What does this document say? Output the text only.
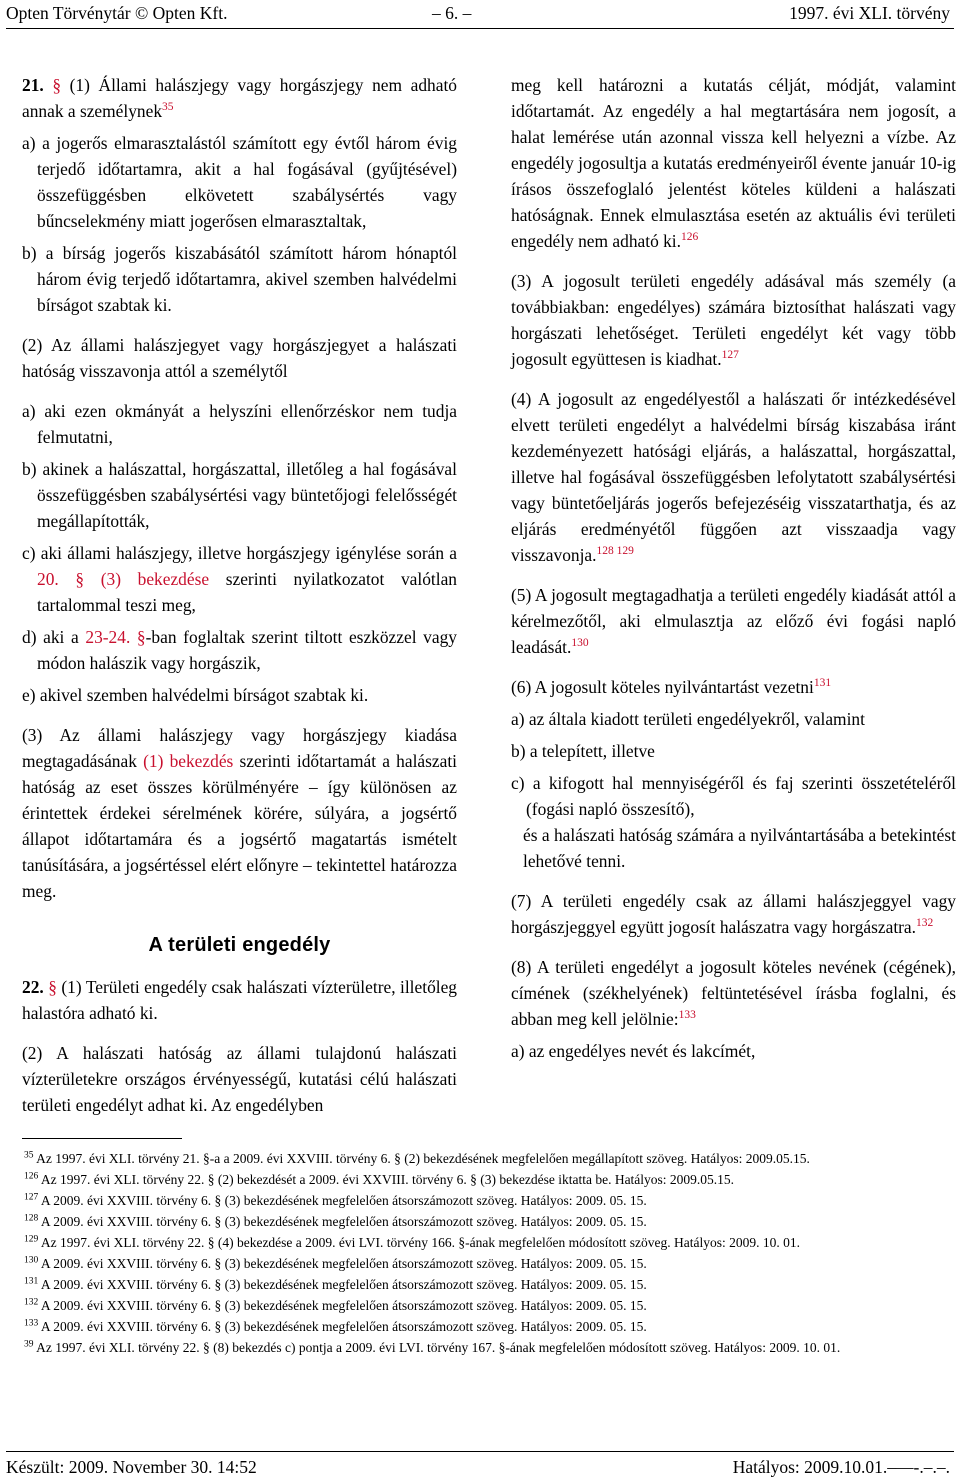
Opten Törvénytár © Opten Kft.	– 6. –	1997. évi XLI. törvény

21. § (1) Állami halászjegy vagy horgászjegy nem adható annak a személynek$^{35}$

a) a jogerős elmarasztalástól számított egy évtől három évig terjedő időtartamra, akit a hal fogásával (gyűjtésével) összefüggésben elkövetett szabálysértés vagy bűncselekmény miatt jogerősen elmarasztaltak,

b) a bírság jogerős kiszabásától számított három hónaptól három évig terjedő időtartamra, akivel szemben halvédelmi bírságot szabtak ki.

(2) Az állami halászjegyet vagy horgászjegyet a halászati hatóság visszavonja attól a személytől

a) aki ezen okmányát a helyszíni ellenőrzéskor nem tudja felmutatni,

b) akinek a halászattal, horgászattal, illetőleg a hal fogásával összefüggésben szabálysértési vagy büntetőjogi felelősségét megállapították,

c) aki állami halászjegy, illetve horgászjegy igénylése során a 20. § (3) bekezdése szerinti nyilatkozatot valótlan tartalommal teszi meg,

d) aki a 23-24. §-ban foglaltak szerint tiltott eszközzel vagy módon halászik vagy horgászik,

e) akivel szemben halvédelmi bírságot szabtak ki.

(3) Az állami halászjegy vagy horgászjegy kiadása megtagadásának (1) bekezdés szerinti időtartamát a halászati hatóság az eset összes körülményére – így különösen az érintettek érdekei sérelmének körére, súlyára, a jogsértő állapot időtartamára és a jogsértő magatartás ismételt tanúsítására, a jogsértéssel elért előnyre – tekintettel határozza meg.

A területi engedély

22. § (1) Területi engedély csak halászati vízterületre, illetőleg halastóra adható ki.

(2) A halászati hatóság az állami tulajdonú halászati vízterületekre országos érvényességű, kutatási célú halászati területi engedélyt adhat ki. Az engedélyben

meg kell határozni a kutatás célját, módját, valamint időtartamát. Az engedély a hal megtartására nem jogosít, a halat lemérése után azonnal vissza kell helyezni a vízbe. Az engedély jogosultja a kutatás eredményeiről évente január 10-ig írásos összefoglaló jelentést köteles küldeni a halászati hatóságnak. Ennek elmulasztása esetén az aktuális évi területi engedély nem adható ki.$^{126}$

(3) A jogosult területi engedély adásával más személy (a továbbiakban: engedélyes) számára biztosíthat halászati vagy horgászati lehetőséget. Területi engedélyt két vagy több jogosult együttesen is kiadhat.$^{127}$

(4) A jogosult az engedélyestől a halászati őr intézkedésével elvett területi engedélyt a halvédelmi bírság kiszabása iránt kezdeményezett hatósági eljárás, a halászattal, horgászattal, illetve hal fogásával összefüggésben lefolytatott szabálysértési vagy büntetőeljárás jogerős befejezéséig visszatarthatja, és az eljárás eredményétől függően azt visszaadja vagy visszavonja.$^{128 129}$

(5) A jogosult megtagadhatja a területi engedély kiadását attól a kérelmezőtől, aki elmulasztja az előző évi fogási napló leadását.$^{130}$

(6) A jogosult köteles nyilvántartást vezetni$^{131}$

a) az általa kiadott területi engedélyekről, valamint

b) a telepített, illetve

c) a kifogott hal mennyiségéről és faj szerinti összetételéről (fogási napló összesítő),

és a halászati hatóság számára a nyilvántartásába a betekintést lehetővé tenni.

(7) A területi engedély csak az állami halászjeggyel vagy horgászjeggyel együtt jogosít halászatra vagy horgászatra.$^{132}$

(8) A területi engedélyt a jogosult köteles nevének (cégének), címének (székhelyének) feltüntetésével írásba foglalni, és abban meg kell jelölnie:$^{133}$

a) az engedélyes nevét és lakcímét,

$^{35}$ Az 1997. évi XLI. törvény 21. §-a a 2009. évi XXVIII. törvény 6. § (2) bekezdésének megfelelően megállapított szöveg. Hatályos: 2009.05.15.

$^{126}$ Az 1997. évi XLI. törvény 22. § (2) bekezdését a 2009. évi XXVIII. törvény 6. § (3) bekezdése iktatta be. Hatályos: 2009.05.15.

$^{127}$ A 2009. évi XXVIII. törvény 6. § (3) bekezdésének megfelelően átsorszámozott szöveg. Hatályos: 2009. 05. 15.

$^{128}$ A 2009. évi XXVIII. törvény 6. § (3) bekezdésének megfelelően átsorszámozott szöveg. Hatályos: 2009. 05. 15.

$^{129}$ Az 1997. évi XLI. törvény 22. § (4) bekezdése a 2009. évi LVI. törvény 166. §-ának megfelelően módosított szöveg. Hatályos: 2009. 10. 01.

$^{130}$ A 2009. évi XXVIII. törvény 6. § (3) bekezdésének megfelelően átsorszámozott szöveg. Hatályos: 2009. 05. 15.

$^{131}$ A 2009. évi XXVIII. törvény 6. § (3) bekezdésének megfelelően átsorszámozott szöveg. Hatályos: 2009. 05. 15.

$^{132}$ A 2009. évi XXVIII. törvény 6. § (3) bekezdésének megfelelően átsorszámozott szöveg. Hatályos: 2009. 05. 15.

$^{133}$ A 2009. évi XXVIII. törvény 6. § (3) bekezdésének megfelelően átsorszámozott szöveg. Hatályos: 2009. 05. 15.

$^{39}$ Az 1997. évi XLI. törvény 22. § (8) bekezdés c) pontja a 2009. évi LVI. törvény 167. §-ának megfelelően módosított szöveg. Hatályos: 2009. 10. 01.

Készült: 2009. November 30. 14:52	Hatályos: 2009.10.01.–—-.–.–.
